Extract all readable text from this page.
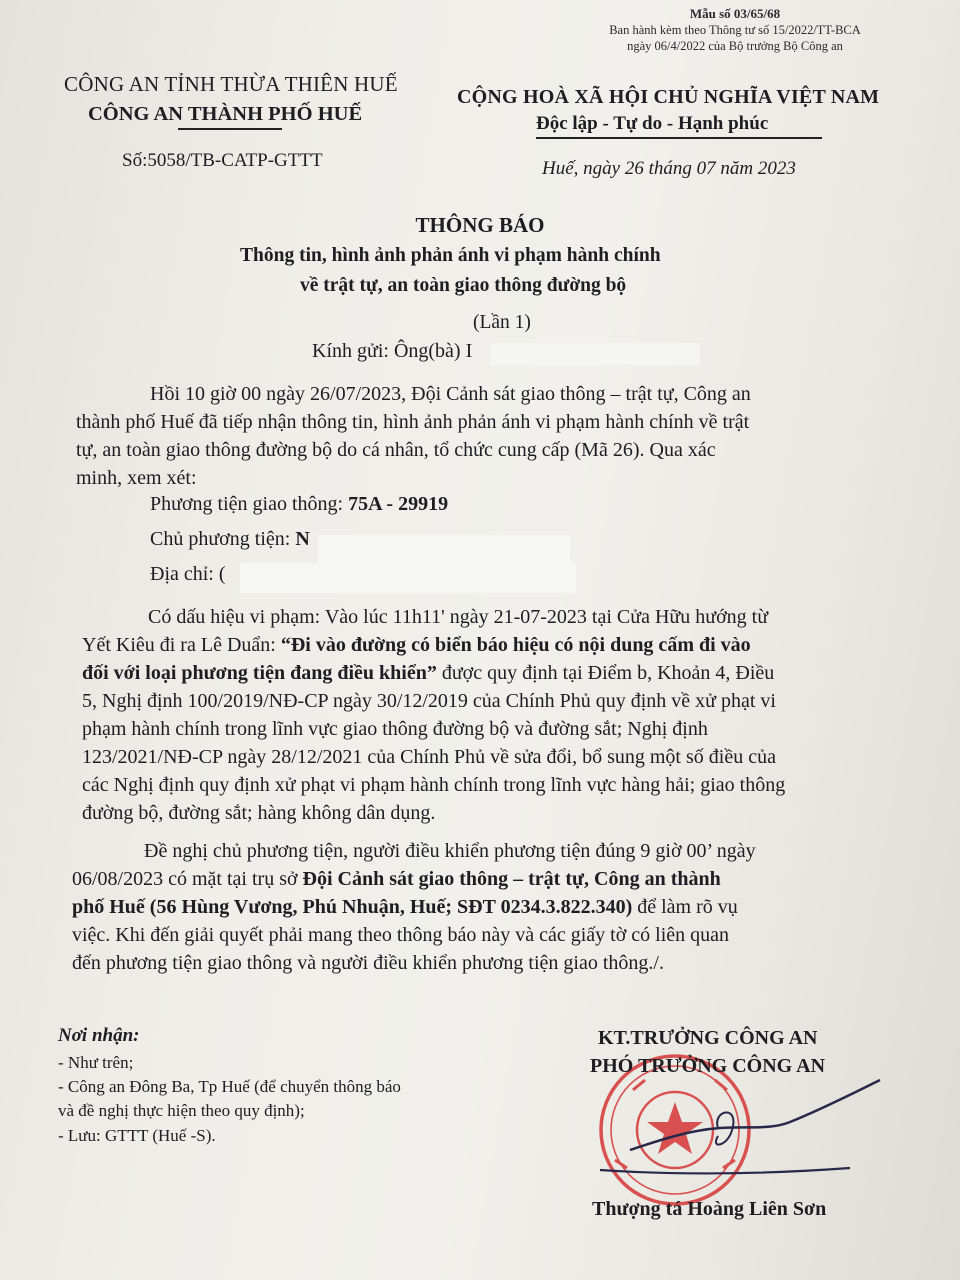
Mẫu số 03/65/68
Ban hành kèm theo Thông tư số 15/2022/TT-BCA
ngày 06/4/2022 của Bộ trưởng Bộ Công an
CÔNG AN TỈNH THỪA THIÊN HUẾ
CÔNG AN THÀNH PHỐ HUẾ
Số:5058/TB-CATP-GTTT
CỘNG HOÀ XÃ HỘI CHỦ NGHĨA VIỆT NAM
Độc lập - Tự do - Hạnh phúc
Huế, ngày 26 tháng 07 năm 2023
THÔNG BÁO
Thông tin, hình ảnh phản ánh vi phạm hành chính
về trật tự, an toàn giao thông đường bộ
(Lần 1)
Kính gửi: Ông(bà) I

Hồi 10 giờ 00 ngày 26/07/2023, Đội Cảnh sát giao thông – trật tự, Công an

thành phố Huế đã tiếp nhận thông tin, hình ảnh phản ánh vi phạm hành chính về trật

tự, an toàn giao thông đường bộ do cá nhân, tổ chức cung cấp (Mã 26). Qua xác

minh, xem xét:

Phương tiện giao thông: 75A - 29919
Chủ phương tiện: N
Địa chỉ: (

Có dấu hiệu vi phạm: Vào lúc 11h11' ngày 21-07-2023 tại Cửa Hữu hướng từ

Yết Kiêu đi ra Lê Duẩn: “Đi vào đường có biển báo hiệu có nội dung cấm đi vào

đối với loại phương tiện đang điều khiển” được quy định tại Điểm b, Khoản 4, Điều

5, Nghị định 100/2019/NĐ-CP ngày 30/12/2019 của Chính Phủ quy định về xử phạt vi

phạm hành chính trong lĩnh vực giao thông đường bộ và đường sắt; Nghị định

123/2021/NĐ-CP ngày 28/12/2021 của Chính Phủ về sửa đổi, bổ sung một số điều của

các Nghị định quy định xử phạt vi phạm hành chính trong lĩnh vực hàng hải; giao thông

đường bộ, đường sắt; hàng không dân dụng.

Đề nghị chủ phương tiện, người điều khiển phương tiện đúng 9 giờ 00’ ngày

06/08/2023 có mặt tại trụ sở Đội Cảnh sát giao thông – trật tự, Công an thành

phố Huế (56 Hùng Vương, Phú Nhuận, Huế; SĐT 0234.3.822.340) để làm rõ vụ

việc. Khi đến giải quyết phải mang theo thông báo này và các giấy tờ có liên quan

đến phương tiện giao thông và người điều khiển phương tiện giao thông./.

Nơi nhận:
- Như trên;
- Công an Đông Ba, Tp Huế (để chuyển thông báo
và đề nghị thực hiện theo quy định);
- Lưu: GTTT (Huế -S).
KT.TRƯỞNG CÔNG AN
PHÓ TRƯỞNG CÔNG AN
Thượng tá Hoàng Liên Sơn
